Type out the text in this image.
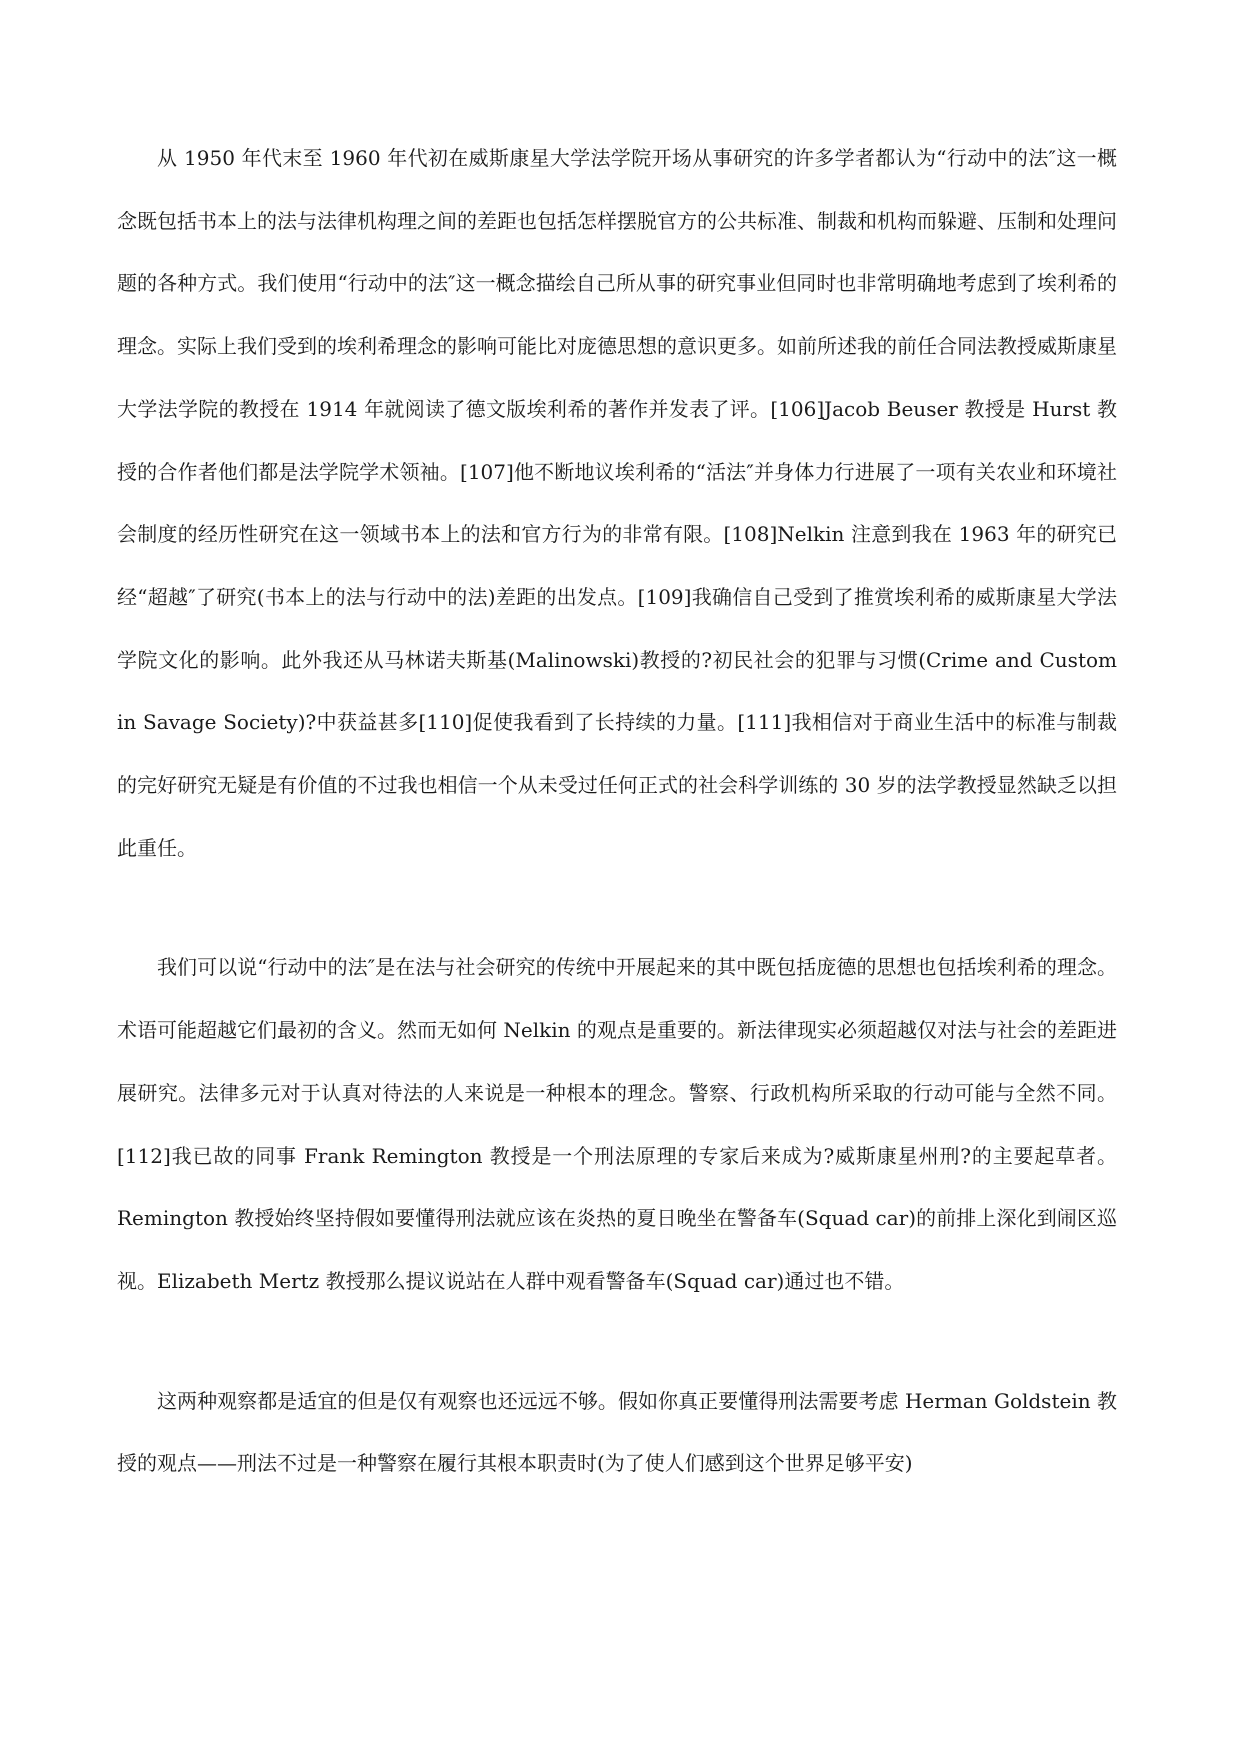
从 1950 年代末至 1960 年代初在威斯康星大学法学院开场从事研究的许多学者都认为“行动中的法″这一概念既包括书本上的法与法律机构理之间的差距也包括怎样摆脱官方的公共标准、制裁和机构而躲避、压制和处理问题的各种方式。我们使用“行动中的法″这一概念描绘自己所从事的研究事业但同时也非常明确地考虑到了埃利希的理念。实际上我们受到的埃利希理念的影响可能比对庞德思想的意识更多。如前所述我的前任合同法教授威斯康星大学法学院的教授在 1914 年就阅读了德文版埃利希的著作并发表了评。[106]Jacob Beuser 教授是 Hurst 教授的合作者他们都是法学院学术领袖。[107]他不断地议埃利希的“活法″并身体力行进展了一项有关农业和环境社会制度的经历性研究在这一领域书本上的法和官方行为的非常有限。[108]Nelkin 注意到我在 1963 年的研究已经“超越″了研究(书本上的法与行动中的法)差距的出发点。[109]我确信自己受到了推赏埃利希的威斯康星大学法学院文化的影响。此外我还从马林诺夫斯基(Malinowski)教授的?初民社会的犯罪与习惯(Crime and Custom in Savage Society)?中获益甚多[110]促使我看到了长持续的力量。[111]我相信对于商业生活中的标准与制裁的完好研究无疑是有价值的不过我也相信一个从未受过任何正式的社会科学训练的 30 岁的法学教授显然缺乏以担此重任。

我们可以说“行动中的法″是在法与社会研究的传统中开展起来的其中既包括庞德的思想也包括埃利希的理念。术语可能超越它们最初的含义。然而无如何 Nelkin 的观点是重要的。新法律现实必须超越仅对法与社会的差距进展研究。法律多元对于认真对待法的人来说是一种根本的理念。警察、行政机构所采取的行动可能与全然不同。[112]我已故的同事 Frank Remington 教授是一个刑法原理的专家后来成为?威斯康星州刑?的主要起草者。Remington 教授始终坚持假如要懂得刑法就应该在炎热的夏日晚坐在警备车(Squad car)的前排上深化到闹区巡视。Elizabeth Mertz 教授那么提议说站在人群中观看警备车(Squad car)通过也不错。

这两种观察都是适宜的但是仅有观察也还远远不够。假如你真正要懂得刑法需要考虑 Herman Goldstein 教授的观点——刑法不过是一种警察在履行其根本职责时(为了使人们感到这个世界足够平安)
